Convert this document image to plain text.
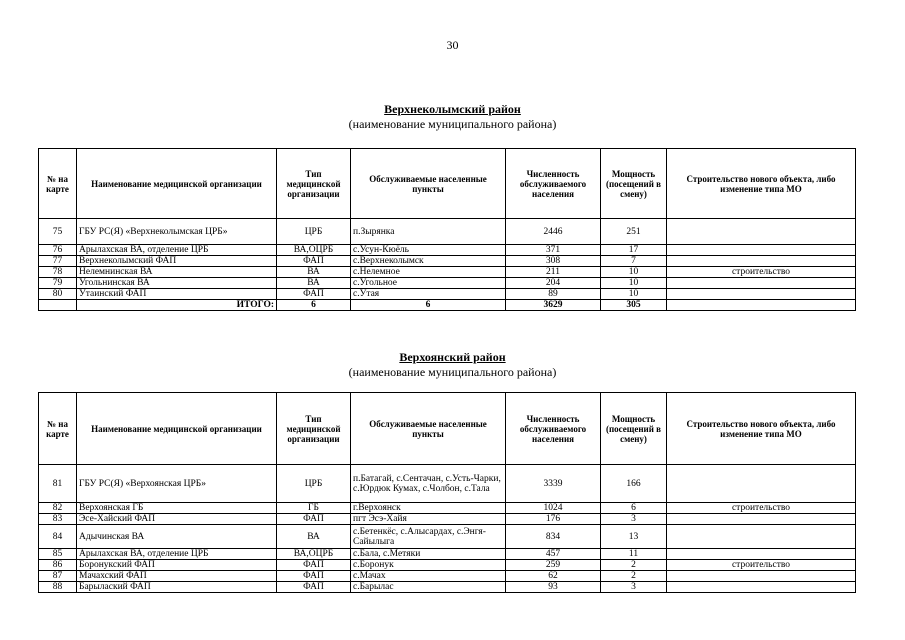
30
Верхнеколымский район
(наименование муниципального района)
№ на карте	Наименование медицинской организации	Тип медицинской организации	Обслуживаемые населенные пункты	Численность обслуживаемого населения	Мощность (посещений в смену)	Строительство нового объекта, либо изменение типа МО
75	ГБУ РС(Я) «Верхнеколымская ЦРБ»	ЦРБ	п.Зырянка	2446	251	
76	Арылахская ВА, отделение ЦРБ	ВА,ОЦРБ	с.Усун-Кюёль	371	17	
77	Верхнеколымский ФАП	ФАП	с.Верхнеколымск	308	7	
78	Нелемнинская ВА	ВА	с.Нелемное	211	10	строительство
79	Угольнинская ВА	ВА	с.Угольное	204	10	
80	Утаинский ФАП	ФАП	с.Утая	89	10	
	ИТОГО:	6	6	3629	305	
Верхоянский район
(наименование муниципального района)
№ на карте	Наименование медицинской организации	Тип медицинской организации	Обслуживаемые населенные пункты	Численность обслуживаемого населения	Мощность (посещений в смену)	Строительство нового объекта, либо изменение типа МО
81	ГБУ РС(Я) «Верхоянская ЦРБ»	ЦРБ	п.Батагай, с.Сентачан, с.Усть-Чарки, с.Юрдюк Кумах, с.Чолбон, с.Тала	3339	166	
82	Верхоянская ГБ	ГБ	г.Верхоянск	1024	6	строительство
83	Эсе-Хайский ФАП	ФАП	пгт Эсэ-Хайя	176	3	
84	Адычинская ВА	ВА	с.Бетенкёс, с.Алысардах, с.Энгя-Сайылыга	834	13	
85	Арылахская ВА, отделение ЦРБ	ВА,ОЦРБ	с.Бала, с.Метяки	457	11	
86	Боронукский ФАП	ФАП	с.Боронук	259	2	строительство
87	Мачахский ФАП	ФАП	с.Мачах	62	2	
88	Барылаский ФАП	ФАП	с.Барылас	93	3	
